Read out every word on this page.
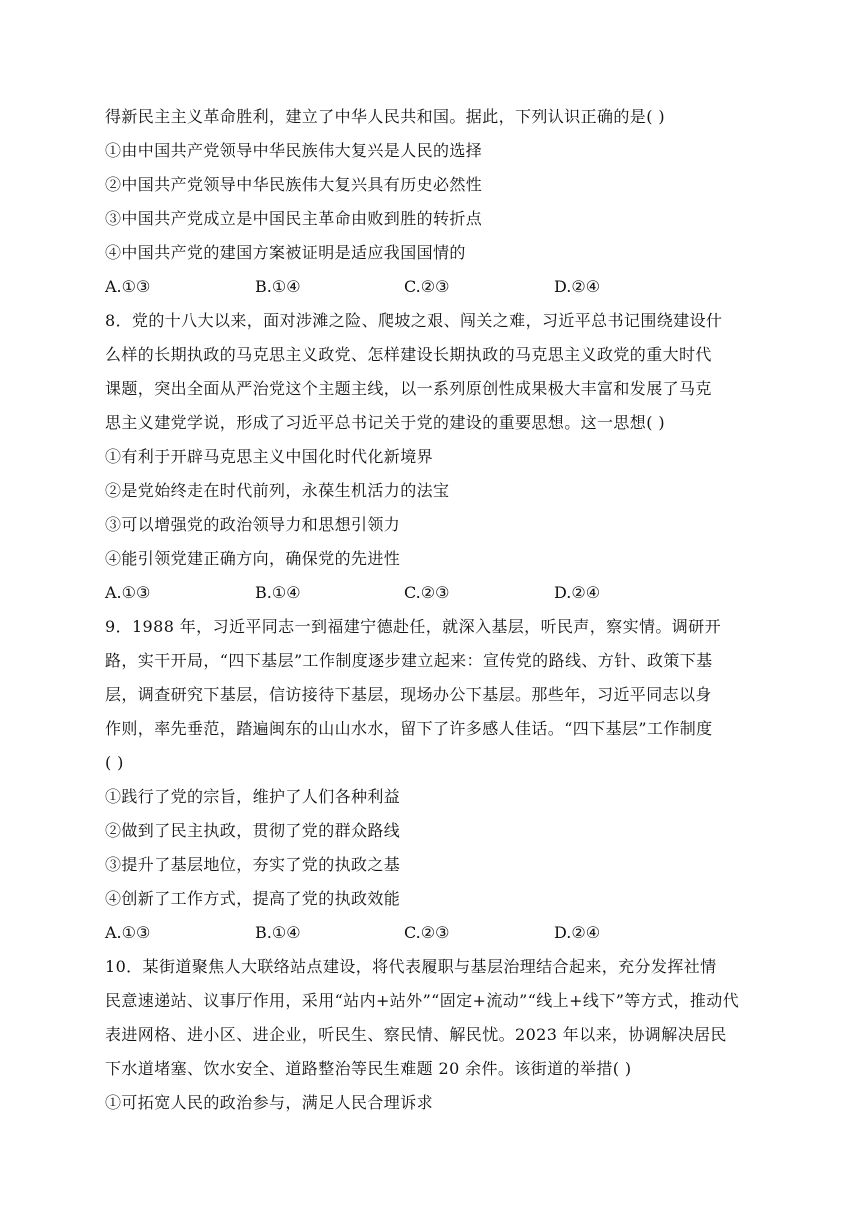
得新民主主义革命胜利，建立了中华人民共和国。据此，下列认识正确的是( )
①由中国共产党领导中华民族伟大复兴是人民的选择
②中国共产党领导中华民族伟大复兴具有历史必然性
③中国共产党成立是中国民主革命由败到胜的转折点
④中国共产党的建国方案被证明是适应我国国情的
A.①③	B.①④	C.②③	D.②④
8．党的十八大以来，面对涉滩之险、爬坡之艰、闯关之难，习近平总书记围绕建设什
么样的长期执政的马克思主义政党、怎样建设长期执政的马克思主义政党的重大时代
课题，突出全面从严治党这个主题主线，以一系列原创性成果极大丰富和发展了马克
思主义建党学说，形成了习近平总书记关于党的建设的重要思想。这一思想( )
①有利于开辟马克思主义中国化时代化新境界
②是党始终走在时代前列，永葆生机活力的法宝
③可以增强党的政治领导力和思想引领力
④能引领党建正确方向，确保党的先进性
A.①③	B.①④	C.②③	D.②④
9．1988 年，习近平同志一到福建宁德赴任，就深入基层，听民声，察实情。调研开
路，实干开局，“四下基层”工作制度逐步建立起来：宣传党的路线、方针、政策下基
层，调查研究下基层，信访接待下基层，现场办公下基层。那些年，习近平同志以身
作则，率先垂范，踏遍闽东的山山水水，留下了许多感人佳话。“四下基层”工作制度
( )
①践行了党的宗旨，维护了人们各种利益
②做到了民主执政，贯彻了党的群众路线
③提升了基层地位，夯实了党的执政之基
④创新了工作方式，提高了党的执政效能
A.①③	B.①④	C.②③	D.②④
10．某街道聚焦人大联络站点建设，将代表履职与基层治理结合起来，充分发挥社情
民意速递站、议事厅作用，采用“站内+站外”“固定+流动”“线上+线下”等方式，推动代
表进网格、进小区、进企业，听民生、察民情、解民忧。2023 年以来，协调解决居民
下水道堵塞、饮水安全、道路整治等民生难题 20 余件。该街道的举措( )
①可拓宽人民的政治参与，满足人民合理诉求
